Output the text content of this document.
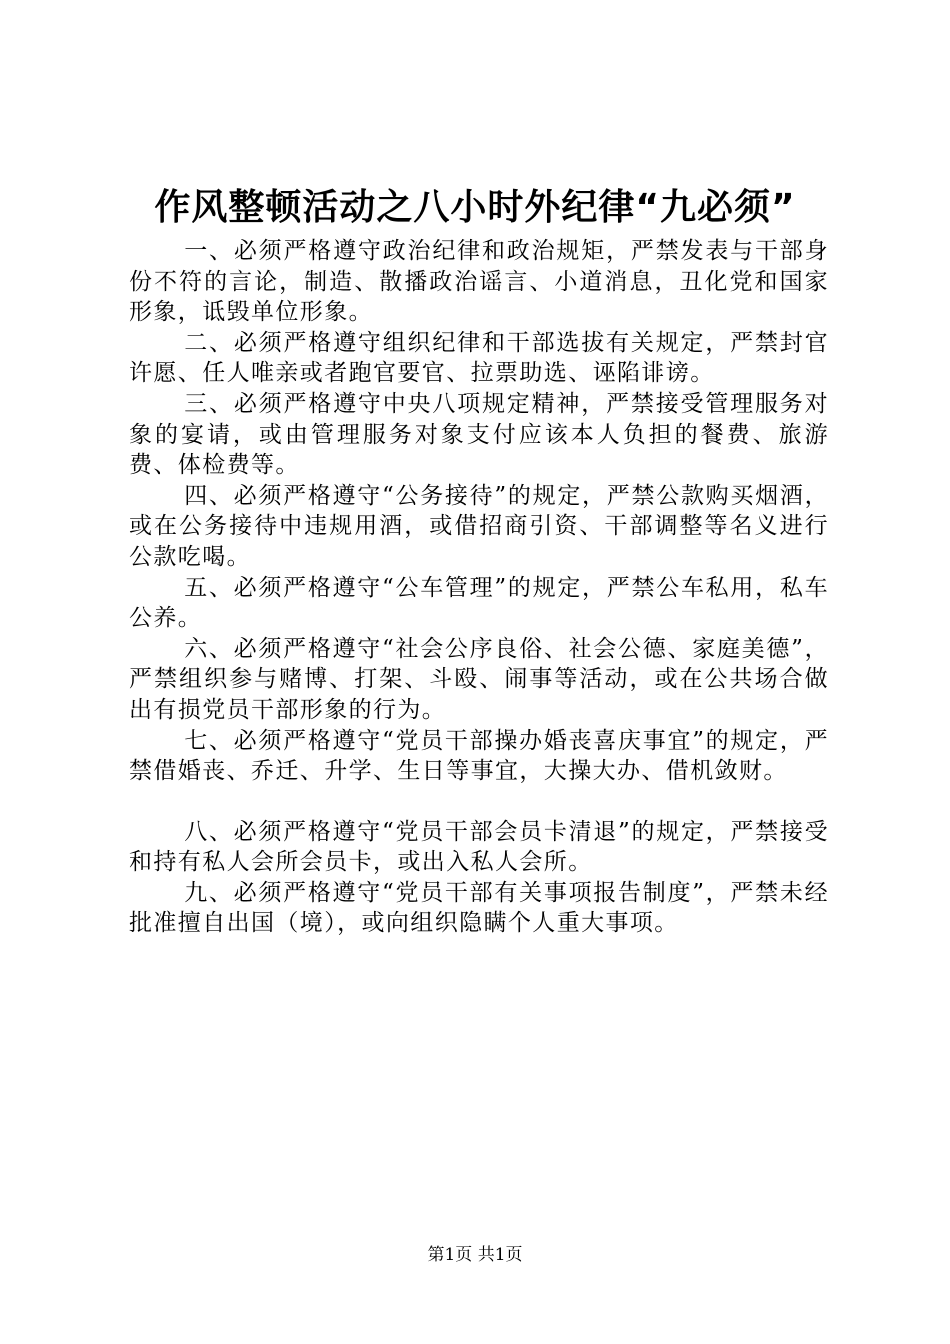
作风整顿活动之八小时外纪律“九必须”

一、必须严格遵守政治纪律和政治规矩，严禁发表与干部身份不符的言论，制造、散播政治谣言、小道消息，丑化党和国家形象，诋毁单位形象。

二、必须严格遵守组织纪律和干部选拔有关规定，严禁封官许愿、任人唯亲或者跑官要官、拉票助选、诬陷诽谤。

三、必须严格遵守中央八项规定精神，严禁接受管理服务对象的宴请，或由管理服务对象支付应该本人负担的餐费、旅游费、体检费等。

四、必须严格遵守“公务接待”的规定，严禁公款购买烟酒，或在公务接待中违规用酒，或借招商引资、干部调整等名义进行公款吃喝。

五、必须严格遵守“公车管理”的规定，严禁公车私用，私车公养。

六、必须严格遵守“社会公序良俗、社会公德、家庭美德”，严禁组织参与赌博、打架、斗殴、闹事等活动，或在公共场合做出有损党员干部形象的行为。

七、必须严格遵守“党员干部操办婚丧喜庆事宜”的规定，严禁借婚丧、乔迁、升学、生日等事宜，大操大办、借机敛财。

八、必须严格遵守“党员干部会员卡清退”的规定，严禁接受和持有私人会所会员卡，或出入私人会所。

九、必须严格遵守“党员干部有关事项报告制度”，严禁未经批准擅自出国（境），或向组织隐瞒个人重大事项。

第1页 共1页
